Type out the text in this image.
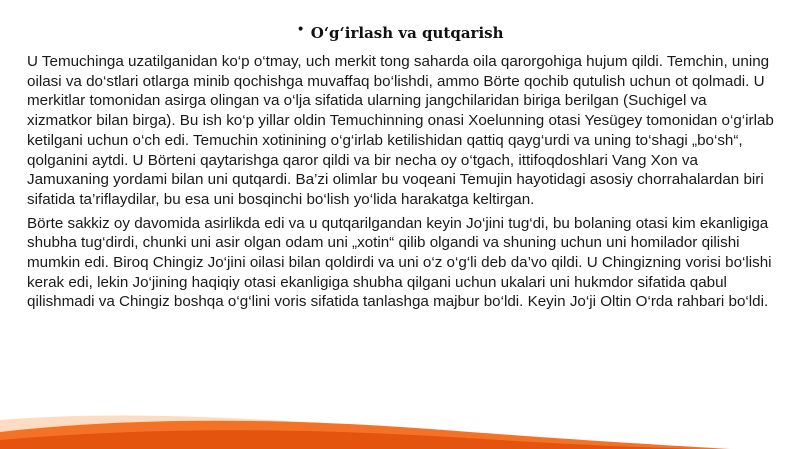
• O‘g‘irlash va qutqarish

U Temuchinga uzatilganidan ko‘p o‘tmay, uch merkit tong saharda oila qarorgohiga hujum qildi. Temchin, uning oilasi va do‘stlari otlarga minib qochishga muvaffaq bo‘lishdi, ammo Börte qochib qutulish uchun ot qolmadi. U merkitlar tomonidan asirga olingan va o‘lja sifatida ularning jangchilaridan biriga berilgan (Suchigel va xizmatkor bilan birga). Bu ish ko‘p yillar oldin Temuchinning onasi Xoelunning otasi Yesügey tomonidan o‘g‘irlab ketilgani uchun o‘ch edi. Temuchin xotinining o‘g‘irlab ketilishidan qattiq qayg‘urdi va uning to‘shagi „bo‘sh“, qolganini aytdi. U Börteni qaytarishga qaror qildi va bir necha oy o‘tgach, ittifoqdoshlari Vang Xon va Jamuxaning yordami bilan uni qutqardi. Ba’zi olimlar bu voqeani Temujin hayotidagi asosiy chorrahalardan biri sifatida ta’riflaydilar, bu esa uni bosqinchi bo‘lish yo‘lida harakatga keltirgan.

Börte sakkiz oy davomida asirlikda edi va u qutqarilgandan keyin Jo‘jini tug‘di, bu bolaning otasi kim ekanligiga shubha tug‘dirdi, chunki uni asir olgan odam uni „xotin“ qilib olgandi va shuning uchun uni homilador qilishi mumkin edi. Biroq Chingiz Jo‘jini oilasi bilan qoldirdi va uni o‘z o‘g‘li deb da’vo qildi. U Chingizning vorisi bo‘lishi kerak edi, lekin Jo‘jining haqiqiy otasi ekanligiga shubha qilgani uchun ukalari uni hukmdor sifatida qabul qilishmadi va Chingiz boshqa o‘g‘lini voris sifatida tanlashga majbur bo‘ldi. Keyin Jo‘ji Oltin O‘rda rahbari bo‘ldi.
